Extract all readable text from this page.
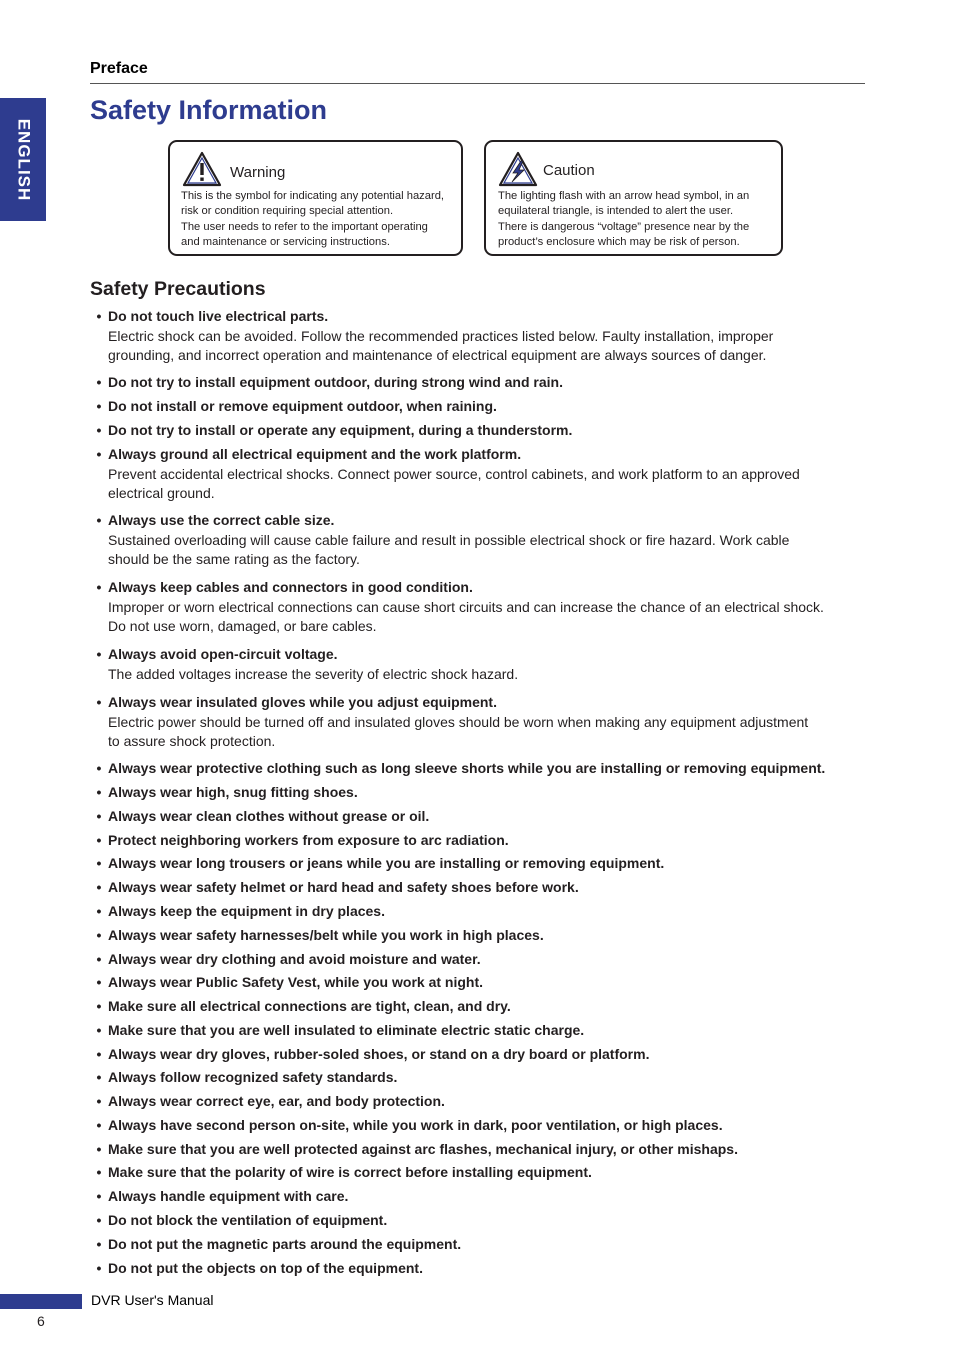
Preface
ENGLISH
Safety Information
Warning
This is the symbol for indicating any potential hazard,
risk or condition requiring special attention.
The user needs to refer to the important operating
and maintenance or servicing instructions.
Caution
The lighting flash with an arrow head symbol, in an
equilateral triangle, is intended to alert the user.
There is dangerous “voltage” presence near by the
product’s enclosure which may be risk of person.
Safety Precautions
• Do not touch live electrical parts.

Electric shock can be avoided. Follow the recommended practices listed below. Faulty installation, improper

grounding, and incorrect operation and maintenance of electrical equipment are always sources of danger.

• Do not try to install equipment outdoor, during strong wind and rain.

• Do not install or remove equipment outdoor, when raining.

• Do not try to install or operate any equipment, during a thunderstorm.

• Always ground all electrical equipment and the work platform.

Prevent accidental electrical shocks. Connect power source, control cabinets, and work platform to an approved

electrical ground.

• Always use the correct cable size.

Sustained overloading will cause cable failure and result in possible electrical shock or fire hazard. Work cable

should be the same rating as the factory.

• Always keep cables and connectors in good condition.

Improper or worn electrical connections can cause short circuits and can increase the chance of an electrical shock.

Do not use worn, damaged, or bare cables.

• Always avoid open-circuit voltage.

The added voltages increase the severity of electric shock hazard.

• Always wear insulated gloves while you adjust equipment.

Electric power should be turned off and insulated gloves should be worn when making any equipment adjustment

to assure shock protection.

• Always wear protective clothing such as long sleeve shorts while you are installing or removing equipment.

• Always wear high, snug fitting shoes.

• Always wear clean clothes without grease or oil.

• Protect neighboring workers from exposure to arc radiation.

• Always wear long trousers or jeans while you are installing or removing equipment.

• Always wear safety helmet or hard head and safety shoes before work.

• Always keep the equipment in dry places.

• Always wear safety harnesses/belt while you work in high places.

• Always wear dry clothing and avoid moisture and water.

• Always wear Public Safety Vest, while you work at night.

• Make sure all electrical connections are tight, clean, and dry.

• Make sure that you are well insulated to eliminate electric static charge.

• Always wear dry gloves, rubber-soled shoes, or stand on a dry board or platform.

• Always follow recognized safety standards.

• Always wear correct eye, ear, and body protection.

• Always have second person on-site, while you work in dark, poor ventilation, or high places.

• Make sure that you are well protected against arc flashes, mechanical injury, or other mishaps.

• Make sure that the polarity of wire is correct before installing equipment.

• Always handle equipment with care.

• Do not block the ventilation of equipment.

• Do not put the magnetic parts around the equipment.

• Do not put the objects on top of the equipment.

DVR User's Manual
6
